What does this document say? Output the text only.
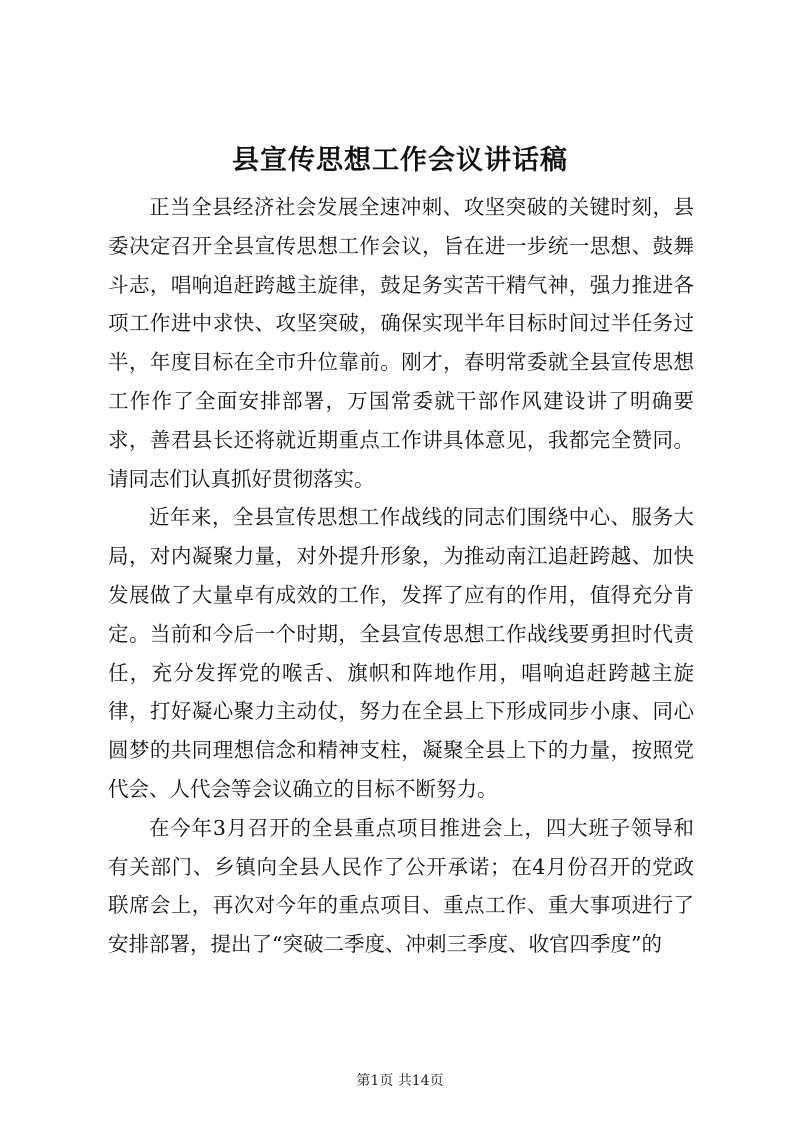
县宣传思想工作会议讲话稿

正当全县经济社会发展全速冲刺、攻坚突破的关键时刻，县委决定召开全县宣传思想工作会议，旨在进一步统一思想、鼓舞斗志，唱响追赶跨越主旋律，鼓足务实苦干精气神，强力推进各项工作进中求快、攻坚突破，确保实现半年目标时间过半任务过半，年度目标在全市升位靠前。刚才，春明常委就全县宣传思想工作作了全面安排部署，万国常委就干部作风建设讲了明确要求，善君县长还将就近期重点工作讲具体意见，我都完全赞同。请同志们认真抓好贯彻落实。

近年来，全县宣传思想工作战线的同志们围绕中心、服务大局，对内凝聚力量，对外提升形象，为推动南江追赶跨越、加快发展做了大量卓有成效的工作，发挥了应有的作用，值得充分肯定。当前和今后一个时期，全县宣传思想工作战线要勇担时代责任，充分发挥党的喉舌、旗帜和阵地作用，唱响追赶跨越主旋律，打好凝心聚力主动仗，努力在全县上下形成同步小康、同心圆梦的共同理想信念和精神支柱，凝聚全县上下的力量，按照党代会、人代会等会议确立的目标不断努力。

在今年3月召开的全县重点项目推进会上，四大班子领导和有关部门、乡镇向全县人民作了公开承诺；在4月份召开的党政联席会上，再次对今年的重点项目、重点工作、重大事项进行了安排部署，提出了“突破二季度、冲刺三季度、收官四季度”的

第1页 共14页
